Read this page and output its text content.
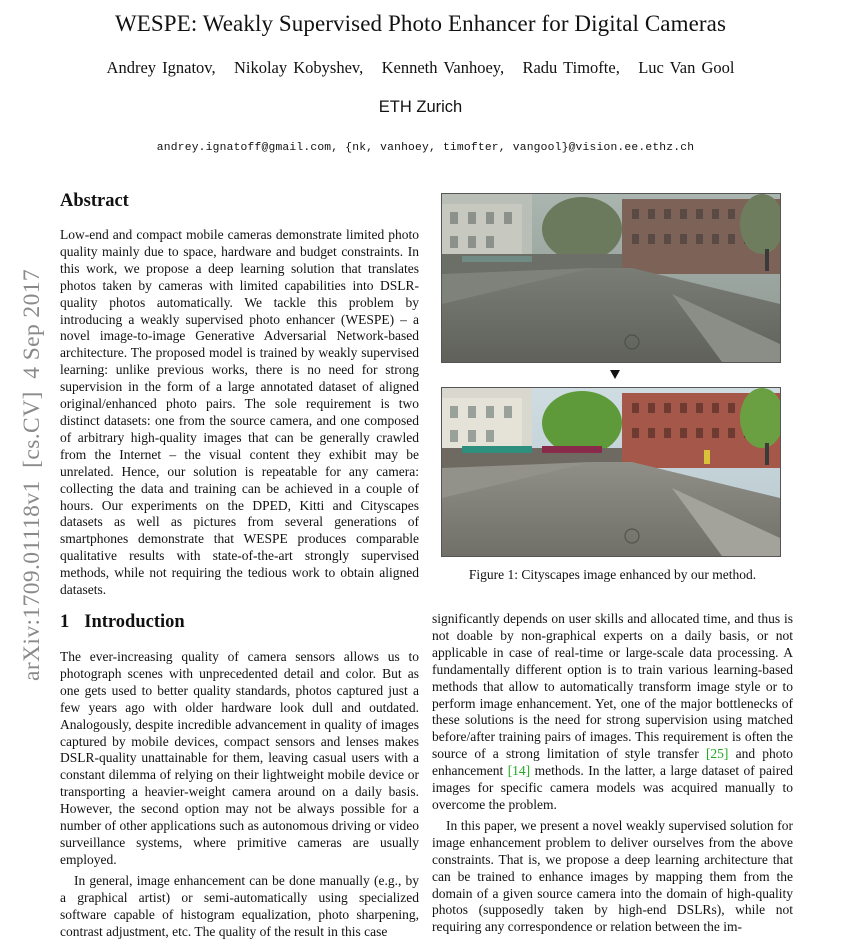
WESPE: Weakly Supervised Photo Enhancer for Digital Cameras
Andrey Ignatov,   Nikolay Kobyshev,   Kenneth Vanhoey,   Radu Timofte,   Luc Van Gool
ETH Zurich
andrey.ignatoff@gmail.com, {nk, vanhoey, timofter, vangool}@vision.ee.ethz.ch
arXiv:1709.01118v1  [cs.CV]  4 Sep 2017
Abstract

Low-end and compact mobile cameras demonstrate limited photo quality mainly due to space, hardware and budget constraints. In this work, we propose a deep learning solution that translates photos taken by cameras with limited capabilities into DSLR-quality photos automatically. We tackle this problem by introducing a weakly supervised photo enhancer (WESPE) – a novel image-to-image Generative Adversarial Network-based architecture. The proposed model is trained by weakly supervised learning: unlike previous works, there is no need for strong supervision in the form of a large annotated dataset of aligned original/enhanced photo pairs. The sole requirement is two distinct datasets: one from the source camera, and one composed of arbitrary high-quality images that can be generally crawled from the Internet – the visual content they exhibit may be unrelated. Hence, our solution is repeatable for any camera: collecting the data and training can be achieved in a couple of hours. Our experiments on the DPED, Kitti and Cityscapes datasets as well as pictures from several generations of smartphones demonstrate that WESPE produces comparable qualitative results with state-of-the-art strongly supervised methods, while not requiring the tedious work to obtain aligned datasets.

Figure 1: Cityscapes image enhanced by our method.
1 Introduction

The ever-increasing quality of camera sensors allows us to photograph scenes with unprecedented detail and color. But as one gets used to better quality standards, photos captured just a few years ago with older hardware look dull and outdated. Analogously, despite incredible advancement in quality of images captured by mobile devices, compact sensors and lenses makes DSLR-quality unattainable for them, leaving casual users with a constant dilemma of relying on their lightweight mobile device or transporting a heavier-weight camera around on a daily basis. However, the second option may not be always possible for a number of other applications such as autonomous driving or video surveillance systems, where primitive cameras are usually employed.

In general, image enhancement can be done manually (e.g., by a graphical artist) or semi-automatically using specialized software capable of histogram equalization, photo sharpening, contrast adjustment, etc. The quality of the result in this case

significantly depends on user skills and allocated time, and thus is not doable by non-graphical experts on a daily basis, or not applicable in case of real-time or large-scale data processing. A fundamentally different option is to train various learning-based methods that allow to automatically transform image style or to perform image enhancement. Yet, one of the major bottlenecks of these solutions is the need for strong supervision using matched before/after training pairs of images. This requirement is often the source of a strong limitation of style transfer [25] and photo enhancement [14] methods. In the latter, a large dataset of paired images for specific camera models was acquired manually to overcome the problem.

In this paper, we present a novel weakly supervised solution for image enhancement problem to deliver ourselves from the above constraints. That is, we propose a deep learning architecture that can be trained to enhance images by mapping them from the domain of a given source camera into the domain of high-quality photos (supposedly taken by high-end DSLRs), while not requiring any correspondence or relation between the im-
